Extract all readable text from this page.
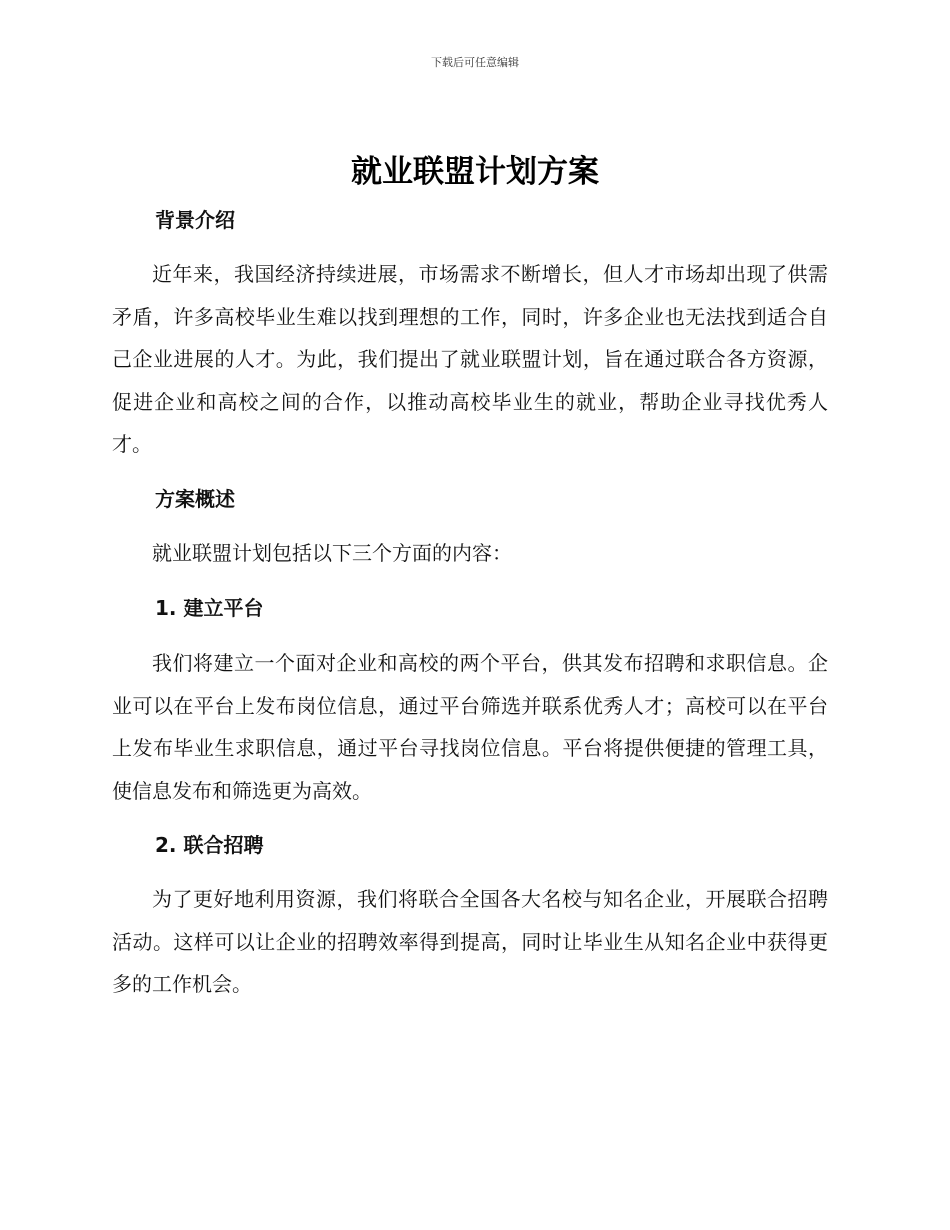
下载后可任意编辑
就业联盟计划方案
背景介绍

近年来，我国经济持续进展，市场需求不断增长，但人才市场却出现了供需矛盾，许多高校毕业生难以找到理想的工作，同时，许多企业也无法找到适合自己企业进展的人才。为此，我们提出了就业联盟计划，旨在通过联合各方资源，促进企业和高校之间的合作，以推动高校毕业生的就业，帮助企业寻找优秀人才。

方案概述

就业联盟计划包括以下三个方面的内容：

1. 建立平台

我们将建立一个面对企业和高校的两个平台，供其发布招聘和求职信息。企业可以在平台上发布岗位信息，通过平台筛选并联系优秀人才；高校可以在平台上发布毕业生求职信息，通过平台寻找岗位信息。平台将提供便捷的管理工具，使信息发布和筛选更为高效。

2. 联合招聘

为了更好地利用资源，我们将联合全国各大名校与知名企业，开展联合招聘活动。这样可以让企业的招聘效率得到提高，同时让毕业生从知名企业中获得更多的工作机会。
